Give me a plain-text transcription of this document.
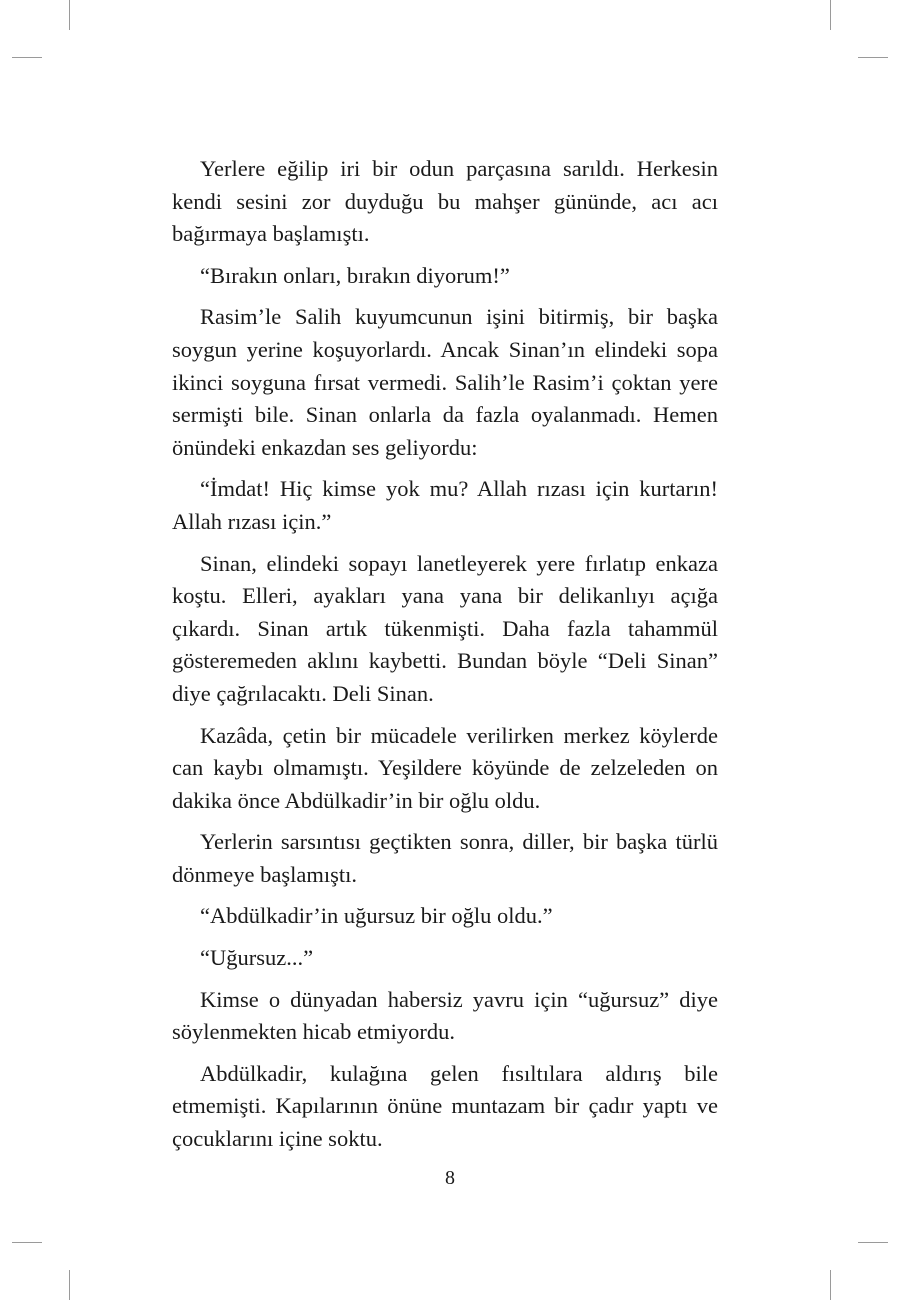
Yerlere eğilip iri bir odun parçasına sarıldı. Herkesin kendi sesini zor duyduğu bu mahşer gününde, acı acı bağırmaya başlamıştı.

“Bırakın onları, bırakın diyorum!”

Rasim’le Salih kuyumcunun işini bitirmiş, bir başka soygun yerine koşuyorlardı. Ancak Sinan’ın elindeki sopa ikinci soyguna fırsat vermedi. Salih’le Rasim’i çoktan yere sermişti bile. Sinan onlarla da fazla oyalanmadı. Hemen önündeki enkazdan ses geliyordu:

“İmdat! Hiç kimse yok mu? Allah rızası için kurtarın! Allah rızası için.”

Sinan, elindeki sopayı lanetleyerek yere fırlatıp enkaza koştu. Elleri, ayakları yana yana bir delikanlıyı açığa çıkardı. Sinan artık tükenmişti. Daha fazla tahammül gösteremeden aklını kaybetti. Bundan böyle “Deli Sinan” diye çağrılacaktı. Deli Sinan.

Kazâda, çetin bir mücadele verilirken merkez köylerde can kaybı olmamıştı. Yeşildere köyünde de zelzeleden on dakika önce Abdülkadir’in bir oğlu oldu.

Yerlerin sarsıntısı geçtikten sonra, diller, bir başka türlü dönmeye başlamıştı.

“Abdülkadir’in uğursuz bir oğlu oldu.”

“Uğursuz...”

Kimse o dünyadan habersiz yavru için “uğursuz” diye söylenmekten hicab etmiyordu.

Abdülkadir, kulağına gelen fısıltılara aldırış bile etmemişti. Kapılarının önüne muntazam bir çadır yaptı ve çocuklarını içine soktu.

8
